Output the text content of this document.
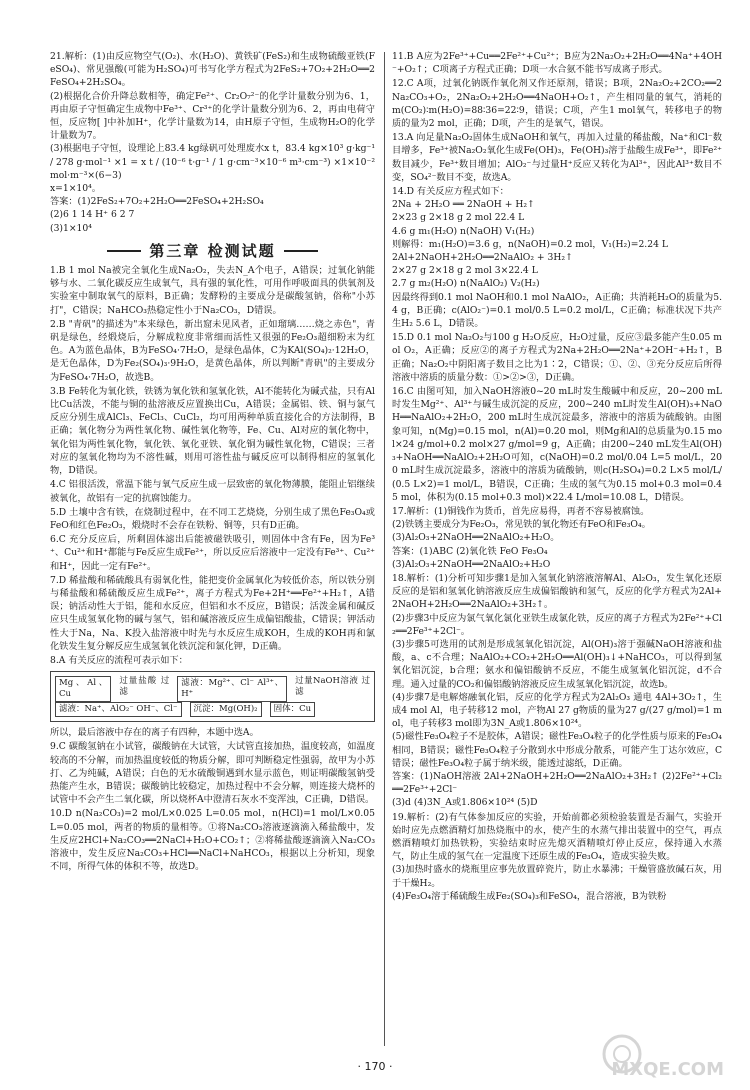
21.解析：(1)由反应物空气(O₂)、水(H₂O)、黄铁矿(FeS₂)和生成物硫酸亚铁(FeSO₄)、常见强酸(可能为H₂SO₄)可书写化学方程式为2FeS₂+7O₂+2H₂O══2FeSO₄+2H₂SO₄。

(2)根据化合价升降总数相等，确定Fe²⁺、Cr₂O₇²⁻的化学计量数分别为6、1，再由原子守恒确定生成物中Fe³⁺、Cr³⁺的化学计量数分别为6、2，再由电荷守恒，反应物[ ]中补加H⁺，化学计量数为14，由H原子守恒，生成物H₂O的化学计量数为7。

(3)根据电子守恒，设理论上83.4 kg绿矾可处理废水x t，83.4 kg×10³ g·kg⁻¹ / 278 g·mol⁻¹ ×1 = x t / (10⁻⁶ t·g⁻¹ / 1 g·cm⁻³×10⁻⁶ m³·cm⁻³) ×1×10⁻² mol·m⁻³×(6−3)

x=1×10⁴。

答案：(1)2FeS₂+7O₂+2H₂O══2FeSO₄+2H₂SO₄

(2)6 1 14 H⁺ 6 2 7

(3)1×10⁴

第三章 检测试题

1.B 1 mol Na被完全氧化生成Na₂O₂，失去N_A个电子，A错误；过氧化钠能够与水、二氧化碳反应生成氧气，具有强的氧化性，可用作呼吸面具的供氧剂及实验室中制取氧气的原料，B正确；发酵粉的主要成分是碳酸氢钠，俗称"小苏打"，C错误；NaHCO₃热稳定性小于Na₂CO₃，D错误。

2.B "青矾"的描述为"本来绿色，新出窟未见风者，正如瑠璃……烧之赤色"，青矾是绿色，经煅烧后，分解成粒度非常细而活性又很强的Fe₂O₃超细粉末为红色。A为蓝色晶体，B为FeSO₄·7H₂O，是绿色晶体，C为KAl(SO₄)₂·12H₂O，是无色晶体，D为Fe₂(SO₄)₃·9H₂O，是黄色晶体，所以判断"青矾"的主要成分为FeSO₄·7H₂O，故选B。

3.B Fe转化为氧化铁，铁锈为氧化铁和氢氧化铁，Al不能转化为碱式盐，只有Al比Cu活泼，不能与铜的盐溶液反应置换出Cu，A错误；金属铝、铁、铜与氯气反应分别生成AlCl₃、FeCl₃、CuCl₂，均可用两种单质直接化合的方法制得，B正确；氧化物分为两性氧化物、碱性氧化物等，Fe、Cu、Al对应的氧化物中，氧化铝为两性氧化物，氧化铁、氧化亚铁、氧化铜为碱性氧化物，C错误；三者对应的氢氧化物均为不溶性碱，则用可溶性盐与碱反应可以制得相应的氢氧化物，D错误。

4.C 铝很活泼，常温下能与氧气反应生成一层致密的氧化物薄膜，能阻止铝继续被氧化，故铝有一定的抗腐蚀能力。

5.D 土壤中含有铁，在烧制过程中，在不同工艺烧烧，分别生成了黑色Fe₃O₄或FeO和红色Fe₂O₃，煅烧时不会存在铁粉、铜等，只有D正确。

6.C 充分反应后，所剩固体滤出后能被磁铁吸引，则固体中含有Fe，因为Fe³⁺、Cu²⁺和H⁺都能与Fe反应生成Fe²⁺，所以反应后溶液中一定没有Fe³⁺、Cu²⁺和H⁺，因此一定有Fe²⁺。

7.D 稀盐酸和稀硫酸具有弱氧化性，能把变价金属氧化为较低价态，所以铁分别与稀盐酸和稀硫酸反应生成Fe²⁺，离子方程式为Fe+2H⁺══Fe²⁺+H₂↑，A错误；钠活动性大于铝，能和水反应，但铝和水不反应，B错误；活泼金属和碱反应只生成氢氧化物的碱与氢气，铝和碱溶液反应生成偏铝酸盐，C错误；钾活动性大于Na，Na、K投入盐溶液中时先与水反应生成KOH，生成的KOH再和氯化铁发生复分解反应生成氢氧化铁沉淀和氯化钾，D正确。

8.A 有关反应的流程可表示如下：

Mg、Al、Cu
过量盐酸 过滤
滤液：Mg²⁺、Cl⁻ Al³⁺、H⁺
过量NaOH溶液 过滤
滤液：Na⁺、AlO₂⁻ OH⁻、Cl⁻	沉淀：Mg(OH)₂	固体：Cu

所以，最后溶液中存在的离子有四种，本题中选A。

9.C 碳酸氢钠在小试管，碳酸钠在大试管，大试管直接加热，温度较高，如温度较高的不分解，而加热温度较低的物质分解，即可判断稳定性强弱，故甲为小苏打、乙为纯碱，A错误；白色的无水硫酸铜遇到水显示蓝色，则证明碳酸氢钠受热能产生水，B错误；碳酸钠比较稳定，加热过程中不会分解，则连接大烧杯的试管中不会产生二氧化碳，所以烧杯A中澄清石灰水不变浑浊，C正确，D错误。

10.D n(Na₂CO₃)=2 mol/L×0.025 L=0.05 mol，n(HCl)=1 mol/L×0.05 L=0.05 mol，两者的物质的量相等。①将Na₂CO₃溶液逐滴滴入稀盐酸中，发生反应2HCl+Na₂CO₃══2NaCl+H₂O+CO₂↑；②将稀盐酸逐滴滴入Na₂CO₃溶液中，发生反应Na₂CO₃+HCl══NaCl+NaHCO₃，根据以上分析知，现象不同，所得气体的体积不等，故选D。

11.B A应为2Fe³⁺+Cu══2Fe²⁺+Cu²⁺；B应为2Na₂O₂+2H₂O══4Na⁺+4OH⁻+O₂↑；C项离子方程式正确；D项一水合氨不能书写成离子形式。

12.C A项，过氧化钠既作氧化剂又作还原剂，错误；B项，2Na₂O₂+2CO₂══2Na₂CO₃+O₂，2Na₂O₂+2H₂O══4NaOH+O₂↑，产生相同量的氧气，消耗的m(CO₂)∶m(H₂O)=88∶36=22∶9，错误；C项，产生1 mol氧气，转移电子的物质的量为2 mol，正确；D项，产生的是氧气，错误。

13.A 向足量Na₂O₂固体生成NaOH和氧气，再加入过量的稀盐酸，Na⁺和Cl⁻数目增多，Fe³⁺被Na₂O₂氧化生成Fe(OH)₃，Fe(OH)₃溶于盐酸生成Fe³⁺，即Fe²⁺数目减少，Fe³⁺数目增加；AlO₂⁻与过量H⁺反应又转化为Al³⁺，因此Al³⁺数目不变，SO₄²⁻数目不变，故选A。

14.D 有关反应方程式如下：

2Na + 2H₂O ══ 2NaOH + H₂↑

2×23 g 2×18 g 2 mol 22.4 L

4.6 g m₁(H₂O) n(NaOH) V₁(H₂)

则解得：m₁(H₂O)=3.6 g，n(NaOH)=0.2 mol，V₁(H₂)=2.24 L

2Al+2NaOH+2H₂O══2NaAlO₂ + 3H₂↑

2×27 g 2×18 g 2 mol 3×22.4 L

2.7 g m₂(H₂O) n(NaAlO₂) V₂(H₂)

因最终得到0.1 mol NaOH和0.1 mol NaAlO₂，A正确；共消耗H₂O的质量为5.4 g，B正确；c(AlO₂⁻)=0.1 mol/0.5 L=0.2 mol/L，C正确；标准状况下共产生H₂ 5.6 L，D错误。

15.D 0.1 mol Na₂O₂与100 g H₂O反应，H₂O过量，反应③最多能产生0.05 mol O₂，A正确；反应②的离子方程式为2Na+2H₂O══2Na⁺+2OH⁻+H₂↑，B正确；Na₂O₂中阴阳离子数目之比为1∶2，C错误；①、②、③充分反应后所得溶液中溶质的质量分数：①>②>③，D正确。

16.C 由图可知，加入NaOH溶液0~20 mL时发生酸碱中和反应，20~200 mL时发生Mg²⁺、Al³⁺与碱生成沉淀的反应，200~240 mL时发生Al(OH)₃+NaOH══NaAlO₂+2H₂O，200 mL时生成沉淀最多，溶液中的溶质为硫酸钠。由图象可知，n(Mg)=0.15 mol，n(Al)=0.20 mol，则Mg和Al的总质量为0.15 mol×24 g/mol+0.2 mol×27 g/mol=9 g，A正确；由200~240 mL发生Al(OH)₃+NaOH══NaAlO₂+2H₂O可知，c(NaOH)=0.2 mol/0.04 L=5 mol/L，200 mL时生成沉淀最多，溶液中的溶质为硫酸钠，则c(H₂SO₄)=0.2 L×5 mol/L/(0.5 L×2)=1 mol/L，B错误，C正确；生成的氢气为0.15 mol+0.3 mol=0.45 mol，体积为(0.15 mol+0.3 mol)×22.4 L/mol=10.08 L，D错误。

17.解析：(1)铜钱作为货币，首先应易得，再者不容易被腐蚀。

(2)铁锈主要成分为Fe₂O₃，常见铁的氧化物还有FeO和Fe₃O₄。

(3)Al₂O₃+2NaOH══2NaAlO₂+H₂O。

答案：(1)ABC (2)氧化铁 FeO Fe₃O₄

(3)Al₂O₃+2NaOH══2NaAlO₂+H₂O

18.解析：(1)分析可知步骤1是加入氢氧化钠溶液溶解Al、Al₂O₃，发生氧化还原反应的是铝和氢氧化钠溶液反应生成偏铝酸钠和氢气，反应的化学方程式为2Al+2NaOH+2H₂O══2NaAlO₂+3H₂↑。

(2)步骤3中反应为氯气氧化氯化亚铁生成氯化铁，反应的离子方程式为2Fe²⁺+Cl₂══2Fe³⁺+2Cl⁻。

(3)步骤5可选用的试剂是形成氢氧化铝沉淀，Al(OH)₃溶于强碱NaOH溶液和盐酸，a、c不合理；NaAlO₂+CO₂+2H₂O══Al(OH)₃↓+NaHCO₃，可以得到氢氧化铝沉淀，b合理；氨水和偏铝酸钠不反应，不能生成氢氧化铝沉淀，d不合理。通入过量的CO₂和偏铝酸钠溶液反应生成氢氧化铝沉淀，故选b。

(4)步骤7是电解熔融氧化铝，反应的化学方程式为2Al₂O₃ 通电 4Al+3O₂↑，生成4 mol Al，电子转移12 mol，产物Al 27 g物质的量为27 g/(27 g/mol)=1 mol，电子转移3 mol即为3N_A或1.806×10²⁴。

(5)磁性Fe₃O₄粒子不是胶体，A错误；磁性Fe₃O₄粒子的化学性质与原来的Fe₃O₄相同，B错误；磁性Fe₃O₄粒子分散到水中形成分散系，可能产生丁达尔效应，C错误；磁性Fe₃O₄粒子属于纳米级，能透过滤纸，D正确。

答案：(1)NaOH溶液 2Al+2NaOH+2H₂O══2NaAlO₂+3H₂↑ (2)2Fe²⁺+Cl₂══2Fe³⁺+2Cl⁻

(3)d (4)3N_A或1.806×10²⁴ (5)D

19.解析：(2)有气体参加反应的实验，开始前都必须检验装置是否漏气，实验开始时应先点燃酒精灯加热烧瓶中的水，使产生的水蒸气排出装置中的空气，再点燃酒精喷灯加热铁粉，实验结束时应先熄灭酒精喷灯停止反应，保持通入水蒸气，防止生成的氢气在一定温度下还原生成的Fe₃O₄，造成实验失败。

(3)加热时盛水的烧瓶里应事先放置碎瓷片，防止水暴沸；干燥管盛放碱石灰，用于干燥H₂。

(4)Fe₃O₄溶于稀硫酸生成Fe₂(SO₄)₃和FeSO₄，混合溶液，B为铁粉

· 170 ·	MXQE.COM
